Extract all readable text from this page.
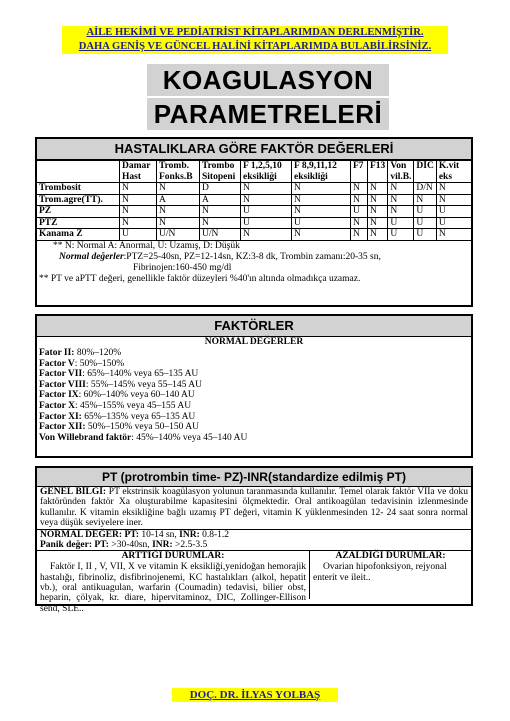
AİLE HEKİMİ VE PEDİATRİST KİTAPLARIMDAN DERLENMİŞTİR.
DAHA GENİŞ VE GÜNCEL HALİNİ KİTAPLARIMDA BULABİLİRSİNİZ.
KOAGULASYON
PARAMETRELERİ
HASTALIKLARA GÖRE FAKTÖR DEĞERLERİ
	Damar Hast	Tromb. Fonks.B	Trombo Sitopeni	F 1,2,5,10 eksikliği	F 8,9,11,12 eksikliği	F7	F13	Von vil.B.	DİC	K.vit eks
Trombosit	N	N	D	N	N	N	N	N	D/N	N
Trom.agre(TT).	N	A	A	N	N	N	N	N	N	N
PZ	N	N	N	U	N	U	N	N	U	U
PTZ	N	N	N	U	U	N	N	U	U	U
Kanama Z	U	U/N	U/N	N	N	N	N	U	U	N
** N: Normal A: Anormal, U: Uzamış, D: Düşük
Normal değerler:PTZ=25-40sn, PZ=12-14sn, KZ:3-8 dk, Trombin zamanı:20-35 sn,
Fibrinojen:160-450 mg/dl
** PT ve aPTT değeri, genellikle faktör düzeyleri %40'ın altında olmadıkça uzamaz.
FAKTÖRLER
NORMAL DEĞERLER
Fator II: 80%–120%
Factor V: 50%–150%
Factor VII: 65%–140% veya 65–135 AU
Factor VIII: 55%–145% veya 55–145 AU
Factor IX: 60%–140% veya 60–140 AU
Factor X: 45%–155% veya 45–155 AU
Factor XI: 65%–135% veya 65–135 AU
Factor XII: 50%–150% veya 50–150 AU
Von Willebrand faktör: 45%–140% veya 45–140 AU
PT (protrombin time- PZ)-INR(standardize edilmiş PT)
GENEL BİLGİ: PT ekstrinsik koagülasyon yolunun taranmasında kullanılır. Temel olarak faktör VIIa ve doku faktöründen faktör Xa oluşturabilme kapasitesini ölçmektedir. Oral antikoagülan tedavisinin izlenmesinde kullanılır. K vitamin eksikliğine bağlı uzamış PT değeri, vitamin K yüklenmesinden 12- 24 saat sonra normal veya düşük seviyelere iner.
NORMAL DEĞER: PT: 10-14 sn, INR: 0.8-1.2
Panik değer: PT: >30-40sn, INR: >2.5-3.5
ARTTIĞI DURUMLAR:
Faktör I, II , V, VII, X ve vitamin K eksikliği,yenidoğan hemorajik hastalığı, fibrinoliz, disfibrinojenemi, KC hastalıkları (alkol, hepatit vb.), oral antikuagulan, warfarin (Coumadin) tedavisi, bilier obst, heparin, çölyak, kr. diare, hipervitaminoz, DIC, Zollinger-Ellison send, SLE..
AZALDIĞI DURUMLAR:
Ovarian hipofonksiyon, rejyonal enterit ve ileit..
DOÇ. DR. İLYAS YOLBAŞ
